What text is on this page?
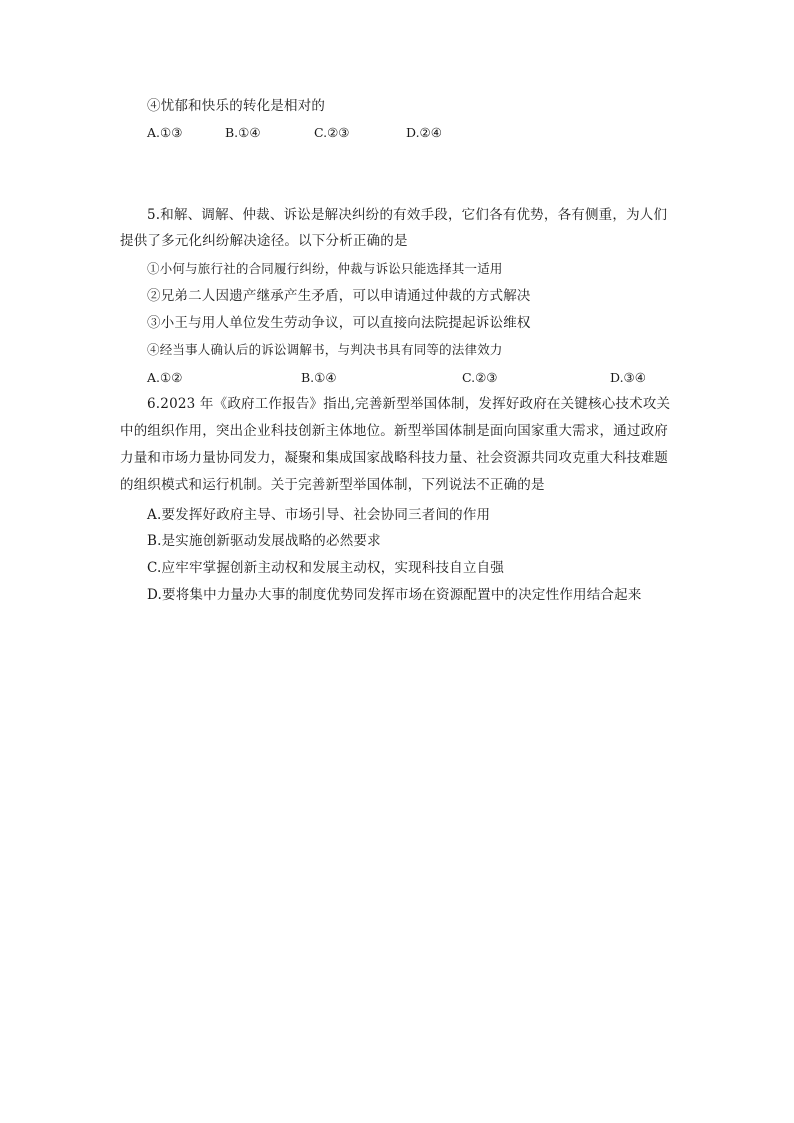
④忧郁和快乐的转化是相对的
A.①③	B.①④	C.②③	D.②④
5.和解、调解、仲裁、诉讼是解决纠纷的有效手段，它们各有优势，各有侧重，为人们
提供了多元化纠纷解决途径。以下分析正确的是
①小何与旅行社的合同履行纠纷，仲裁与诉讼只能选择其一适用
②兄弟二人因遗产继承产生矛盾，可以申请通过仲裁的方式解决
③小王与用人单位发生劳动争议，可以直接向法院提起诉讼维权
④经当事人确认后的诉讼调解书，与判决书具有同等的法律效力
A.①②	B.①④	C.②③	D.③④
6.2023 年《政府工作报告》指出,完善新型举国体制，发挥好政府在关键核心技术攻关
中的组织作用，突出企业科技创新主体地位。新型举国体制是面向国家重大需求，通过政府
力量和市场力量协同发力，凝聚和集成国家战略科技力量、社会资源共同攻克重大科技难题
的组织模式和运行机制。关于完善新型举国体制，下列说法不正确的是
A.要发挥好政府主导、市场引导、社会协同三者间的作用
B.是实施创新驱动发展战略的必然要求
C.应牢牢掌握创新主动权和发展主动权，实现科技自立自强
D.要将集中力量办大事的制度优势同发挥市场在资源配置中的决定性作用结合起来
